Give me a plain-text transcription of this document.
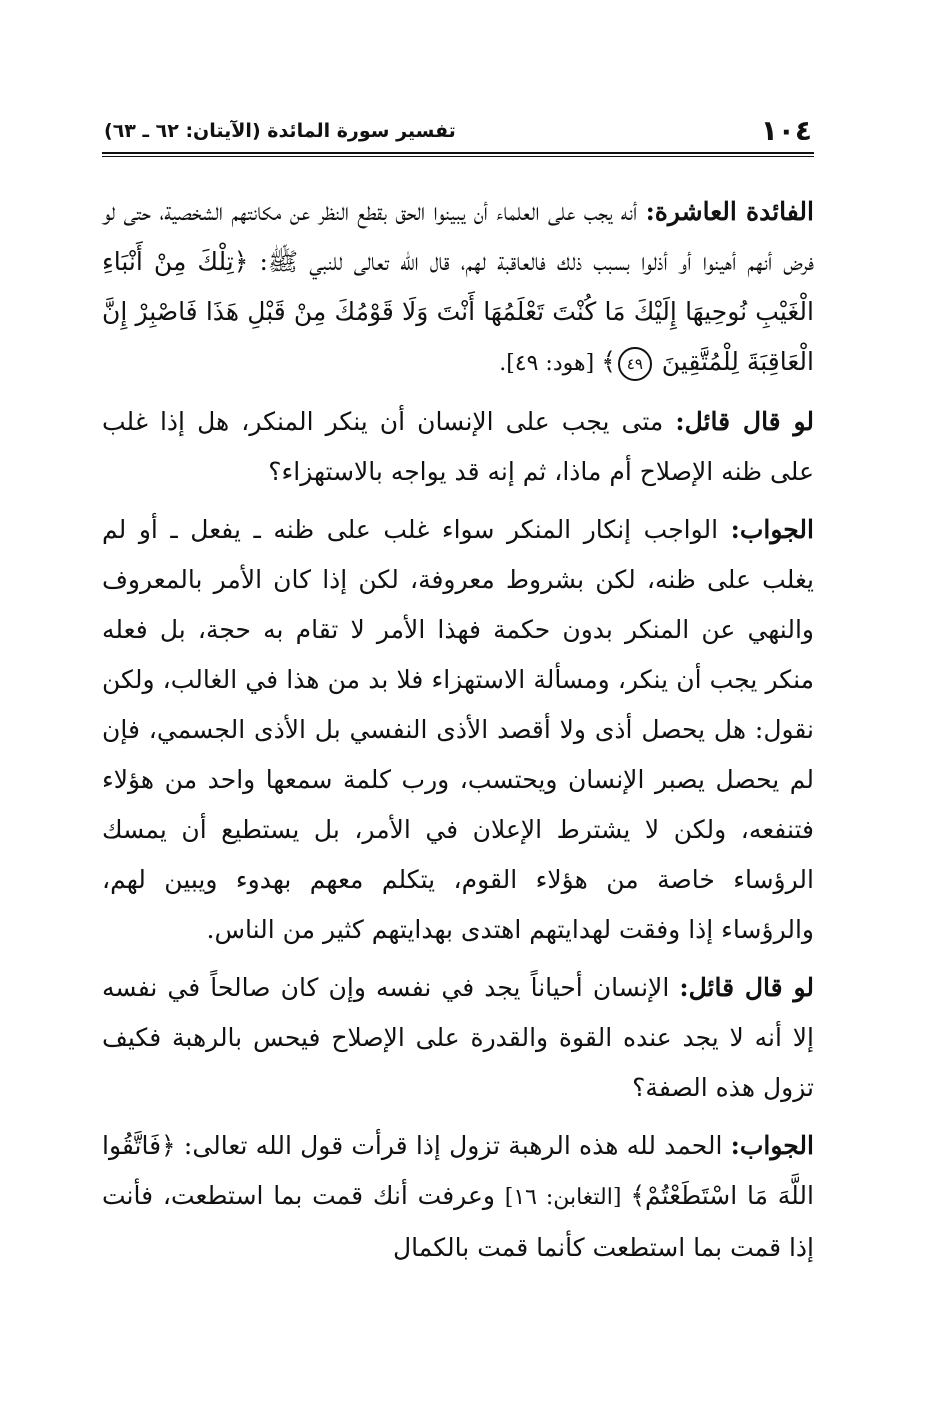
١٠٤
تفسير سورة المائدة (الآيتان: ٦٢ ـ ٦٣)

الفائدة العاشرة: أنه يجب على العلماء أن يبينوا الحق بقطع النظر عن مكانتهم الشخصية، حتى لو فرض أنهم أهينوا أو أذلوا بسبب ذلك فالعاقبة لهم، قال الله تعالى للنبي ﷺ: ﴿تِلْكَ مِنْ أَنْبَاءِ الْغَيْبِ نُوحِيهَا إِلَيْكَ مَا كُنْتَ تَعْلَمُهَا أَنْتَ وَلَا قَوْمُكَ مِنْ قَبْلِ هَذَا فَاصْبِرْ إِنَّ الْعَاقِبَةَ لِلْمُتَّقِينَ ٤٩﴾ [هود: ٤٩].

لو قال قائل: متى يجب على الإنسان أن ينكر المنكر، هل إذا غلب على ظنه الإصلاح أم ماذا، ثم إنه قد يواجه بالاستهزاء؟

الجواب: الواجب إنكار المنكر سواء غلب على ظنه ـ يفعل ـ أو لم يغلب على ظنه، لكن بشروط معروفة، لكن إذا كان الأمر بالمعروف والنهي عن المنكر بدون حكمة فهذا الأمر لا تقام به حجة، بل فعله منكر يجب أن ينكر، ومسألة الاستهزاء فلا بد من هذا في الغالب، ولكن نقول: هل يحصل أذى ولا أقصد الأذى النفسي بل الأذى الجسمي، فإن لم يحصل يصبر الإنسان ويحتسب، ورب كلمة سمعها واحد من هؤلاء فتنفعه، ولكن لا يشترط الإعلان في الأمر، بل يستطيع أن يمسك الرؤساء خاصة من هؤلاء القوم، يتكلم معهم بهدوء ويبين لهم، والرؤساء إذا وفقت لهدايتهم اهتدى بهدايتهم كثير من الناس.

لو قال قائل: الإنسان أحياناً يجد في نفسه وإن كان صالحاً في نفسه إلا أنه لا يجد عنده القوة والقدرة على الإصلاح فيحس بالرهبة فكيف تزول هذه الصفة؟

الجواب: الحمد لله هذه الرهبة تزول إذا قرأت قول الله تعالى: ﴿فَاتَّقُوا اللَّهَ مَا اسْتَطَعْتُمْ﴾ [التغابن: ١٦] وعرفت أنك قمت بما استطعت، فأنت إذا قمت بما استطعت كأنما قمت بالكمال
